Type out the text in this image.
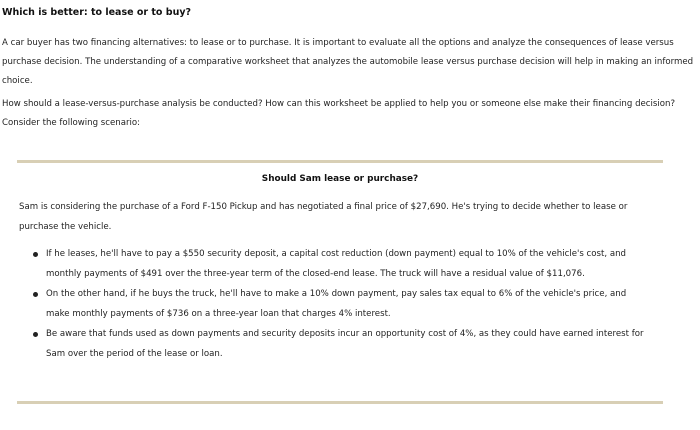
Which is better: to lease or to buy?

A car buyer has two financing alternatives: to lease or to purchase. It is important to evaluate all the options and analyze the consequences of lease versus purchase decision. The understanding of a comparative worksheet that analyzes the automobile lease versus purchase decision will help in making an informed choice.

How should a lease-versus-purchase analysis be conducted? How can this worksheet be applied to help you or someone else make their financing decision? Consider the following scenario:

Should Sam lease or purchase?

Sam is considering the purchase of a Ford F-150 Pickup and has negotiated a final price of $27,690. He's trying to decide whether to lease or purchase the vehicle.

If he leases, he'll have to pay a $550 security deposit, a capital cost reduction (down payment) equal to 10% of the vehicle's cost, and monthly payments of $491 over the three-year term of the closed-end lease. The truck will have a residual value of $11,076.
On the other hand, if he buys the truck, he'll have to make a 10% down payment, pay sales tax equal to 6% of the vehicle's price, and make monthly payments of $736 on a three-year loan that charges 4% interest.
Be aware that funds used as down payments and security deposits incur an opportunity cost of 4%, as they could have earned interest for Sam over the period of the lease or loan.
